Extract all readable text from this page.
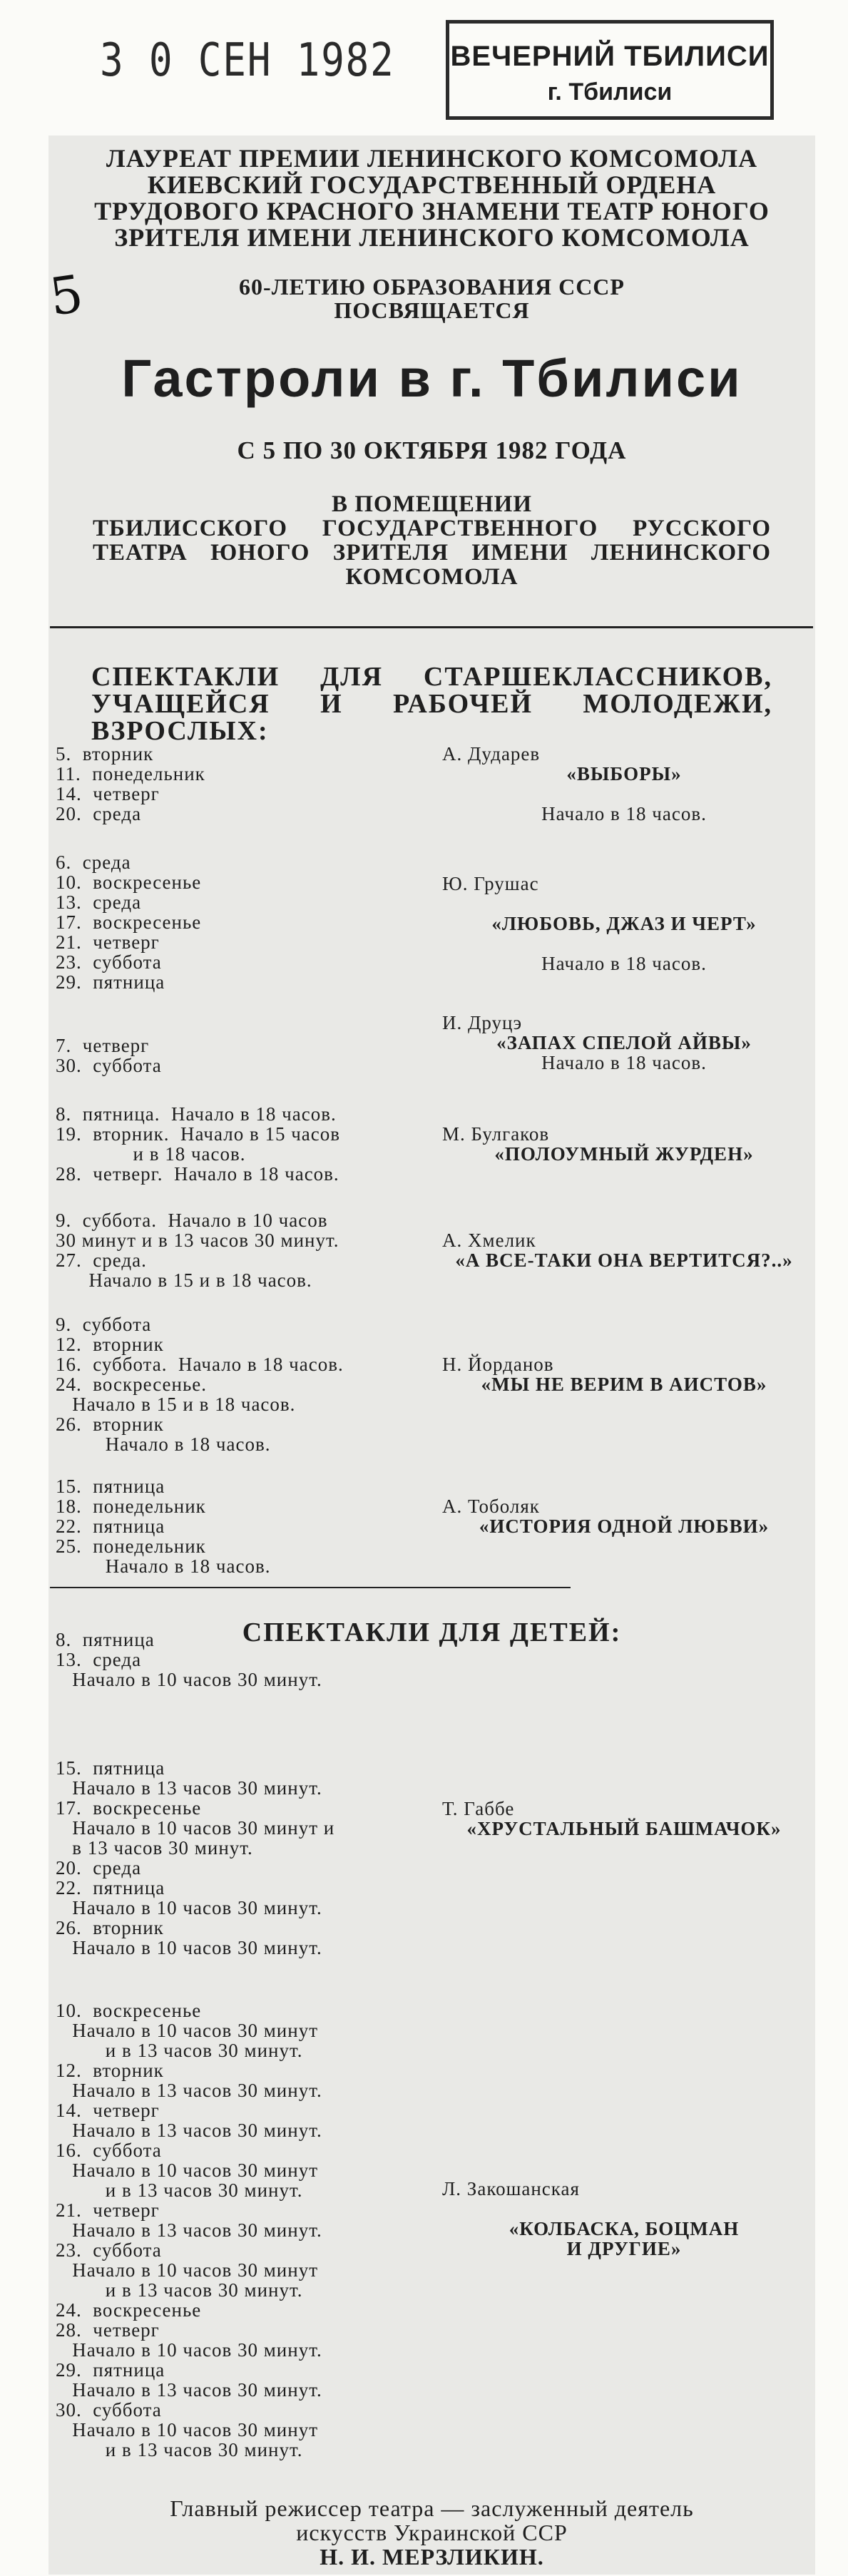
3 0 СЕН 1982 ВЕЧЕРНИЙ ТБИЛИСИ
г. Тбилиси
5
ЛАУРЕАТ ПРЕМИИ ЛЕНИНСКОГО КОМСОМОЛА
КИЕВСКИЙ ГОСУДАРСТВЕННЫЙ ОРДЕНА
ТРУДОВОГО КРАСНОГО ЗНАМЕНИ ТЕАТР ЮНОГО
ЗРИТЕЛЯ ИМЕНИ ЛЕНИНСКОГО КОМСОМОЛА
60-ЛЕТИЮ ОБРАЗОВАНИЯ СССР
ПОСВЯЩАЕТСЯ
Гастроли в г. Тбилиси
С 5 ПО 30 ОКТЯБРЯ 1982 ГОДА
В ПОМЕЩЕНИИ
ТБИЛИССКОГО ГОСУДАРСТВЕННОГО РУССКОГО
ТЕАТРА ЮНОГО ЗРИТЕЛЯ ИМЕНИ ЛЕНИНСКОГО
КОМСОМОЛА
СПЕКТАКЛИ ДЛЯ СТАРШЕКЛАССНИКОВ,
УЧАЩЕЙСЯ И РАБОЧЕЙ МОЛОДЕЖИ, ВЗРОСЛЫХ:
5.  вторник
11.  понедельник
14.  четверг
20.  среда
А. Дударев
«ВЫБОРЫ»
Начало в 18 часов.
6.  среда
10.  воскресенье
13.  среда
17.  воскресенье
21.  четверг
23.  суббота
29.  пятница
Ю. Грушас
«ЛЮБОВЬ, ДЖАЗ И ЧЕРТ»
Начало в 18 часов.
7.  четверг
30.  суббота
И. Друцэ
«ЗАПАХ СПЕЛОЙ АЙВЫ»
Начало в 18 часов.
8.  пятница.  Начало в 18 часов.
19.  вторник.  Начало в 15 часов
и в 18 часов.
28.  четверг.  Начало в 18 часов.
М. Булгаков
«ПОЛОУМНЫЙ ЖУРДЕН»
9.  суббота.  Начало в 10 часов
30 минут и в 13 часов 30 минут.
27.  среда.
Начало в 15 и в 18 часов.
А. Хмелик
«А ВСЕ-ТАКИ ОНА ВЕРТИТСЯ?..»
9.  суббота
12.  вторник
16.  суббота.  Начало в 18 часов.
24.  воскресенье.
Начало в 15 и в 18 часов.
26.  вторник
Начало в 18 часов.
Н. Йорданов
«МЫ НЕ ВЕРИМ В АИСТОВ»
15.  пятница
18.  понедельник
22.  пятница
25.  понедельник
Начало в 18 часов.
А. Тоболяк
«ИСТОРИЯ ОДНОЙ ЛЮБВИ»
СПЕКТАКЛИ ДЛЯ ДЕТЕЙ:
8.  пятница
13.  среда
Начало в 10 часов 30 минут.
15.  пятница
Начало в 13 часов 30 минут.
17.  воскресенье
Начало в 10 часов 30 минут и
в 13 часов 30 минут.
20.  среда
22.  пятница
Начало в 10 часов 30 минут.
26.  вторник
Начало в 10 часов 30 минут.
Т. Габбе
«ХРУСТАЛЬНЫЙ БАШМАЧОК»
10.  воскресенье
Начало в 10 часов 30 минут
и в 13 часов 30 минут.
12.  вторник
Начало в 13 часов 30 минут.
14.  четверг
Начало в 13 часов 30 минут.
16.  суббота
Начало в 10 часов 30 минут
и в 13 часов 30 минут.
21.  четверг
Начало в 13 часов 30 минут.
23.  суббота
Начало в 10 часов 30 минут
и в 13 часов 30 минут.
24.  воскресенье
28.  четверг
Начало в 10 часов 30 минут.
29.  пятница
Начало в 13 часов 30 минут.
30.  суббота
Начало в 10 часов 30 минут
и в 13 часов 30 минут.
Л. Закошанская
«КОЛБАСКА, БОЦМАН
И ДРУГИЕ»
Главный режиссер театра — заслуженный деятель
искусств Украинской ССР
Н. И. МЕРЗЛИКИН.
